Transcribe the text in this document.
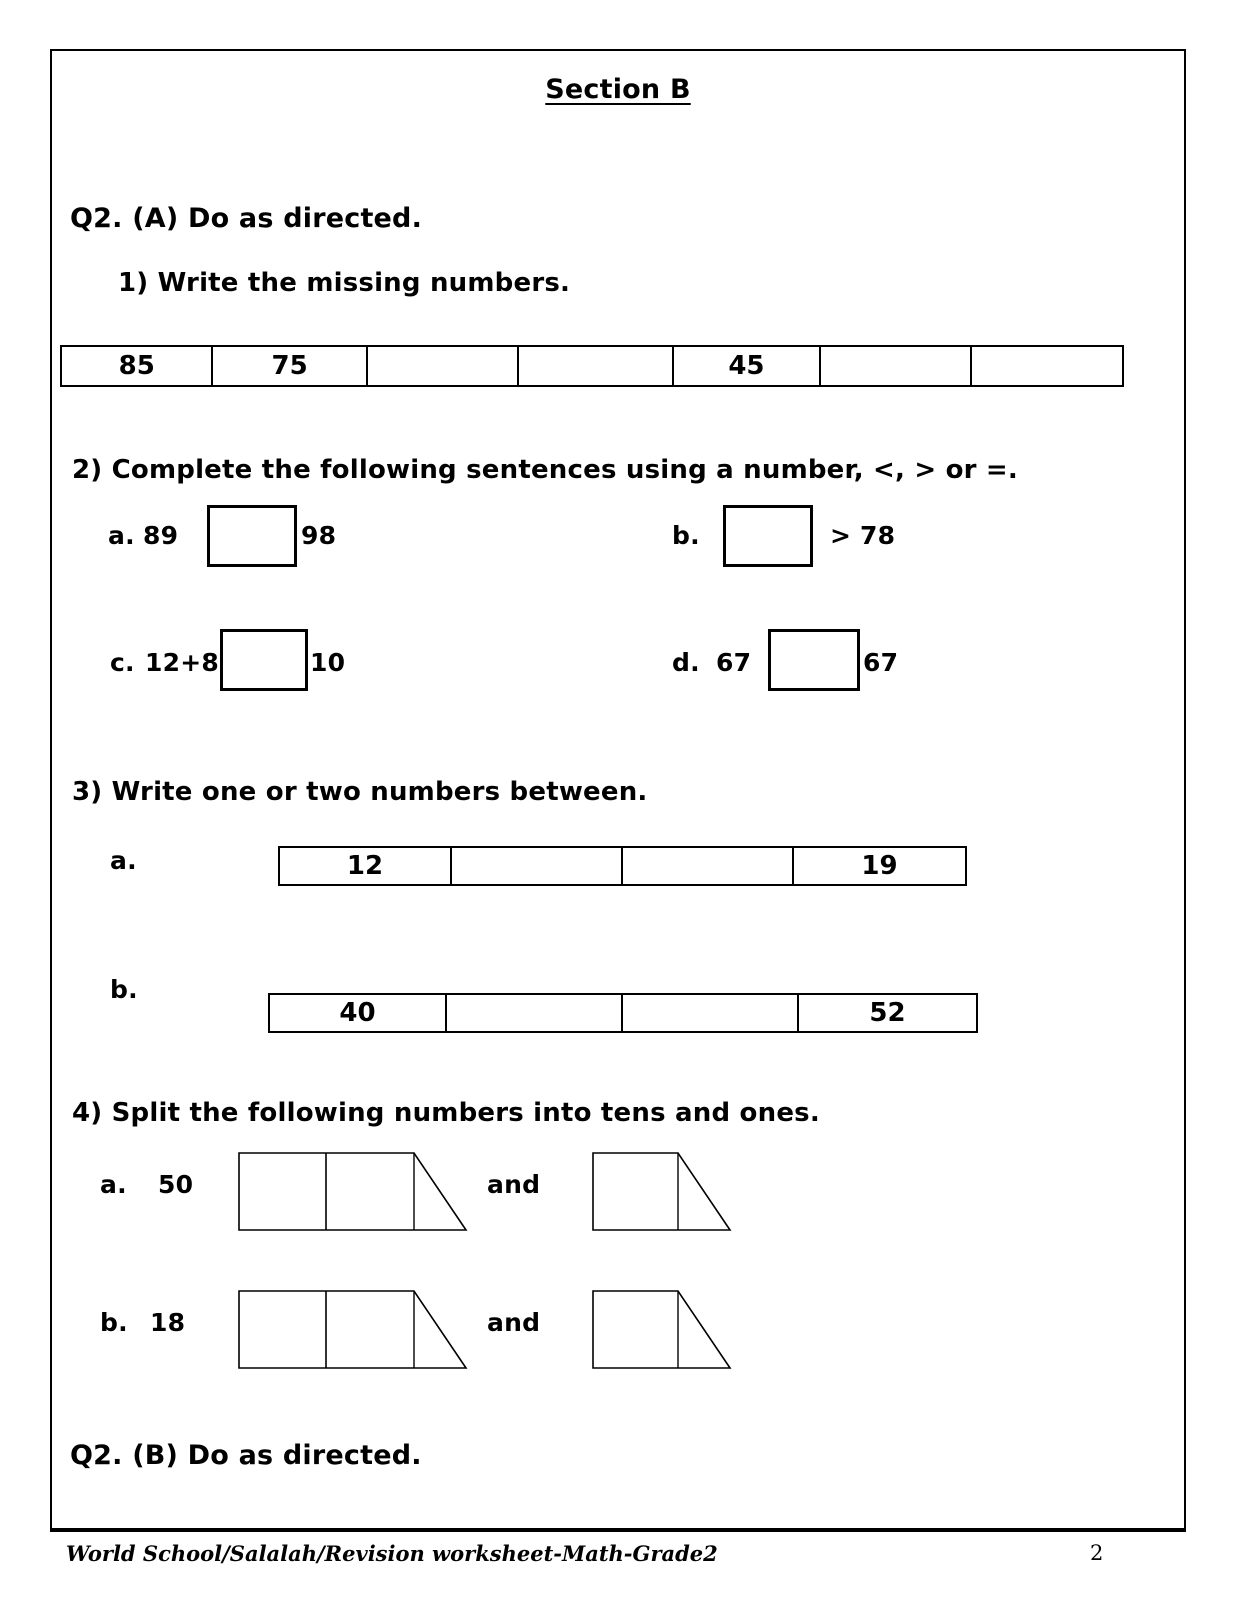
Section B
Q2. (A) Do as directed.
1) Write the missing numbers.
85	75	45
2) Complete the following sentences using a number, <, > or =.
a. 89	98	b.	> 78
c. 12+8	10	d. 67	67
3) Write one or two numbers between.
a.	12	19
b.
40	52
4) Split the following numbers into tens and ones.
a. 50	and
b. 18	and
Q2. (B) Do as directed.
World School/Salalah/Revision worksheet-Math-Grade2	2
